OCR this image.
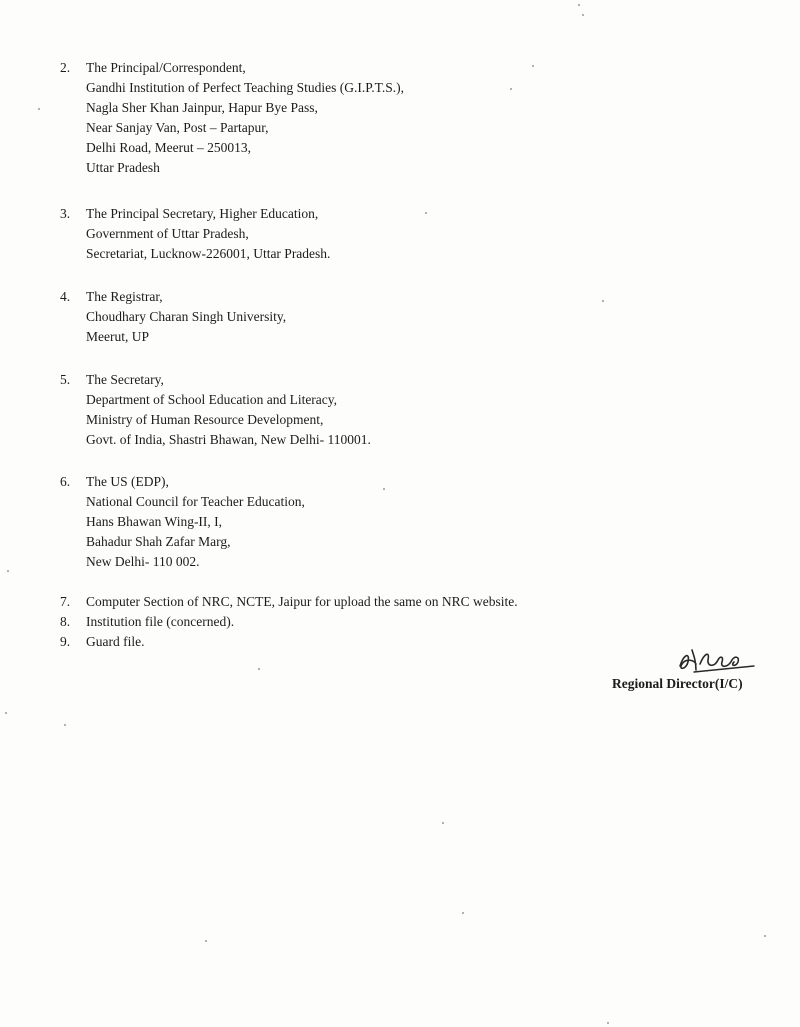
2.	The Principal/Correspondent,
Gandhi Institution of Perfect Teaching Studies (G.I.P.T.S.),
Nagla Sher Khan Jainpur, Hapur Bye Pass,
Near Sanjay Van, Post – Partapur,
Delhi Road, Meerut – 250013,
Uttar Pradesh
3.	The Principal Secretary, Higher Education,
Government of Uttar Pradesh,
Secretariat, Lucknow-226001, Uttar Pradesh.
4.	The Registrar,
Choudhary Charan Singh University,
Meerut, UP
5.	The Secretary,
Department of School Education and Literacy,
Ministry of Human Resource Development,
Govt. of India, Shastri Bhawan, New Delhi- 110001.
6.	The US (EDP),
National Council for Teacher Education,
Hans Bhawan Wing-II, I,
Bahadur Shah Zafar Marg,
New Delhi- 110 002.
7.	Computer Section of NRC, NCTE, Jaipur for upload the same on NRC website.
8.	Institution file (concerned).
9.	Guard file.
Regional Director(I/C)
